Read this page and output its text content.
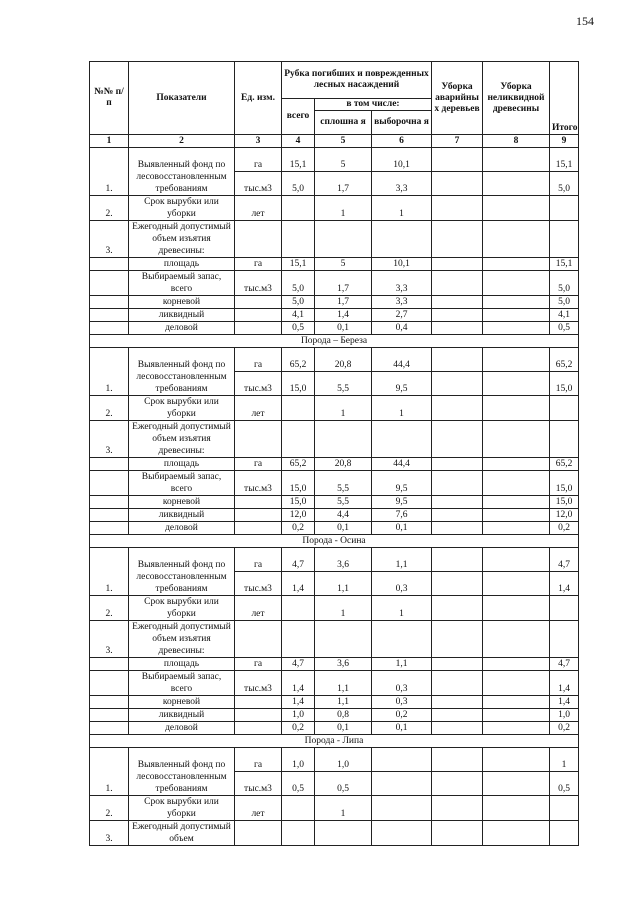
154
№№ п/п	Показатели	Ед. изм.	Рубка погибших и поврежденных лесных насаждений			Уборка аварийны х деревьев	Уборка неликвидной древесины	Итого
			всего	в том числе:				
				сплошна я	выборочна я			
1	2	3	4	5	6	7	8	9
1.	Выявленный фонд по лесовосстановленным требованиям	га	15,1	5	10,1			15,1
		тыс.м3	5,0	1,7	3,3			5,0
2.	Срок вырубки или уборки	лет		1	1			
3.	Ежегодный допустимый объем изъятия древесины:							
	площадь	га	15,1	5	10,1			15,1
	Выбираемый запас, всего	тыс.м3	5,0	1,7	3,3			5,0
	корневой		5,0	1,7	3,3			5,0
	ликвидный		4,1	1,4	2,7			4,1
	деловой		0,5	0,1	0,4			0,5
Порода – Береза								
1.	Выявленный фонд по лесовосстановленным требованиям	га	65,2	20,8	44,4			65,2
		тыс.м3	15,0	5,5	9,5			15,0
2.	Срок вырубки или уборки	лет		1	1			
3.	Ежегодный допустимый объем изъятия древесины:							
	площадь	га	65,2	20,8	44,4			65,2
	Выбираемый запас, всего	тыс.м3	15,0	5,5	9,5			15,0
	корневой		15,0	5,5	9,5			15,0
	ликвидный		12,0	4,4	7,6			12,0
	деловой		0,2	0,1	0,1			0,2
Порода - Осина								
1.	Выявленный фонд по лесовосстановленным требованиям	га	4,7	3,6	1,1			4,7
		тыс.м3	1,4	1,1	0,3			1,4
2.	Срок вырубки или уборки	лет		1	1			
3.	Ежегодный допустимый объем изъятия древесины:							
	площадь	га	4,7	3,6	1,1			4,7
	Выбираемый запас, всего	тыс.м3	1,4	1,1	0,3			1,4
	корневой		1,4	1,1	0,3			1,4
	ликвидный		1,0	0,8	0,2			1,0
	деловой		0,2	0,1	0,1			0,2
Порода - Липа								
1.	Выявленный фонд по лесовосстановленным требованиям	га	1,0	1,0				1
		тыс.м3	0,5	0,5				0,5
2.	Срок вырубки или уборки	лет		1				
3.	Ежегодный допустимый объем							
